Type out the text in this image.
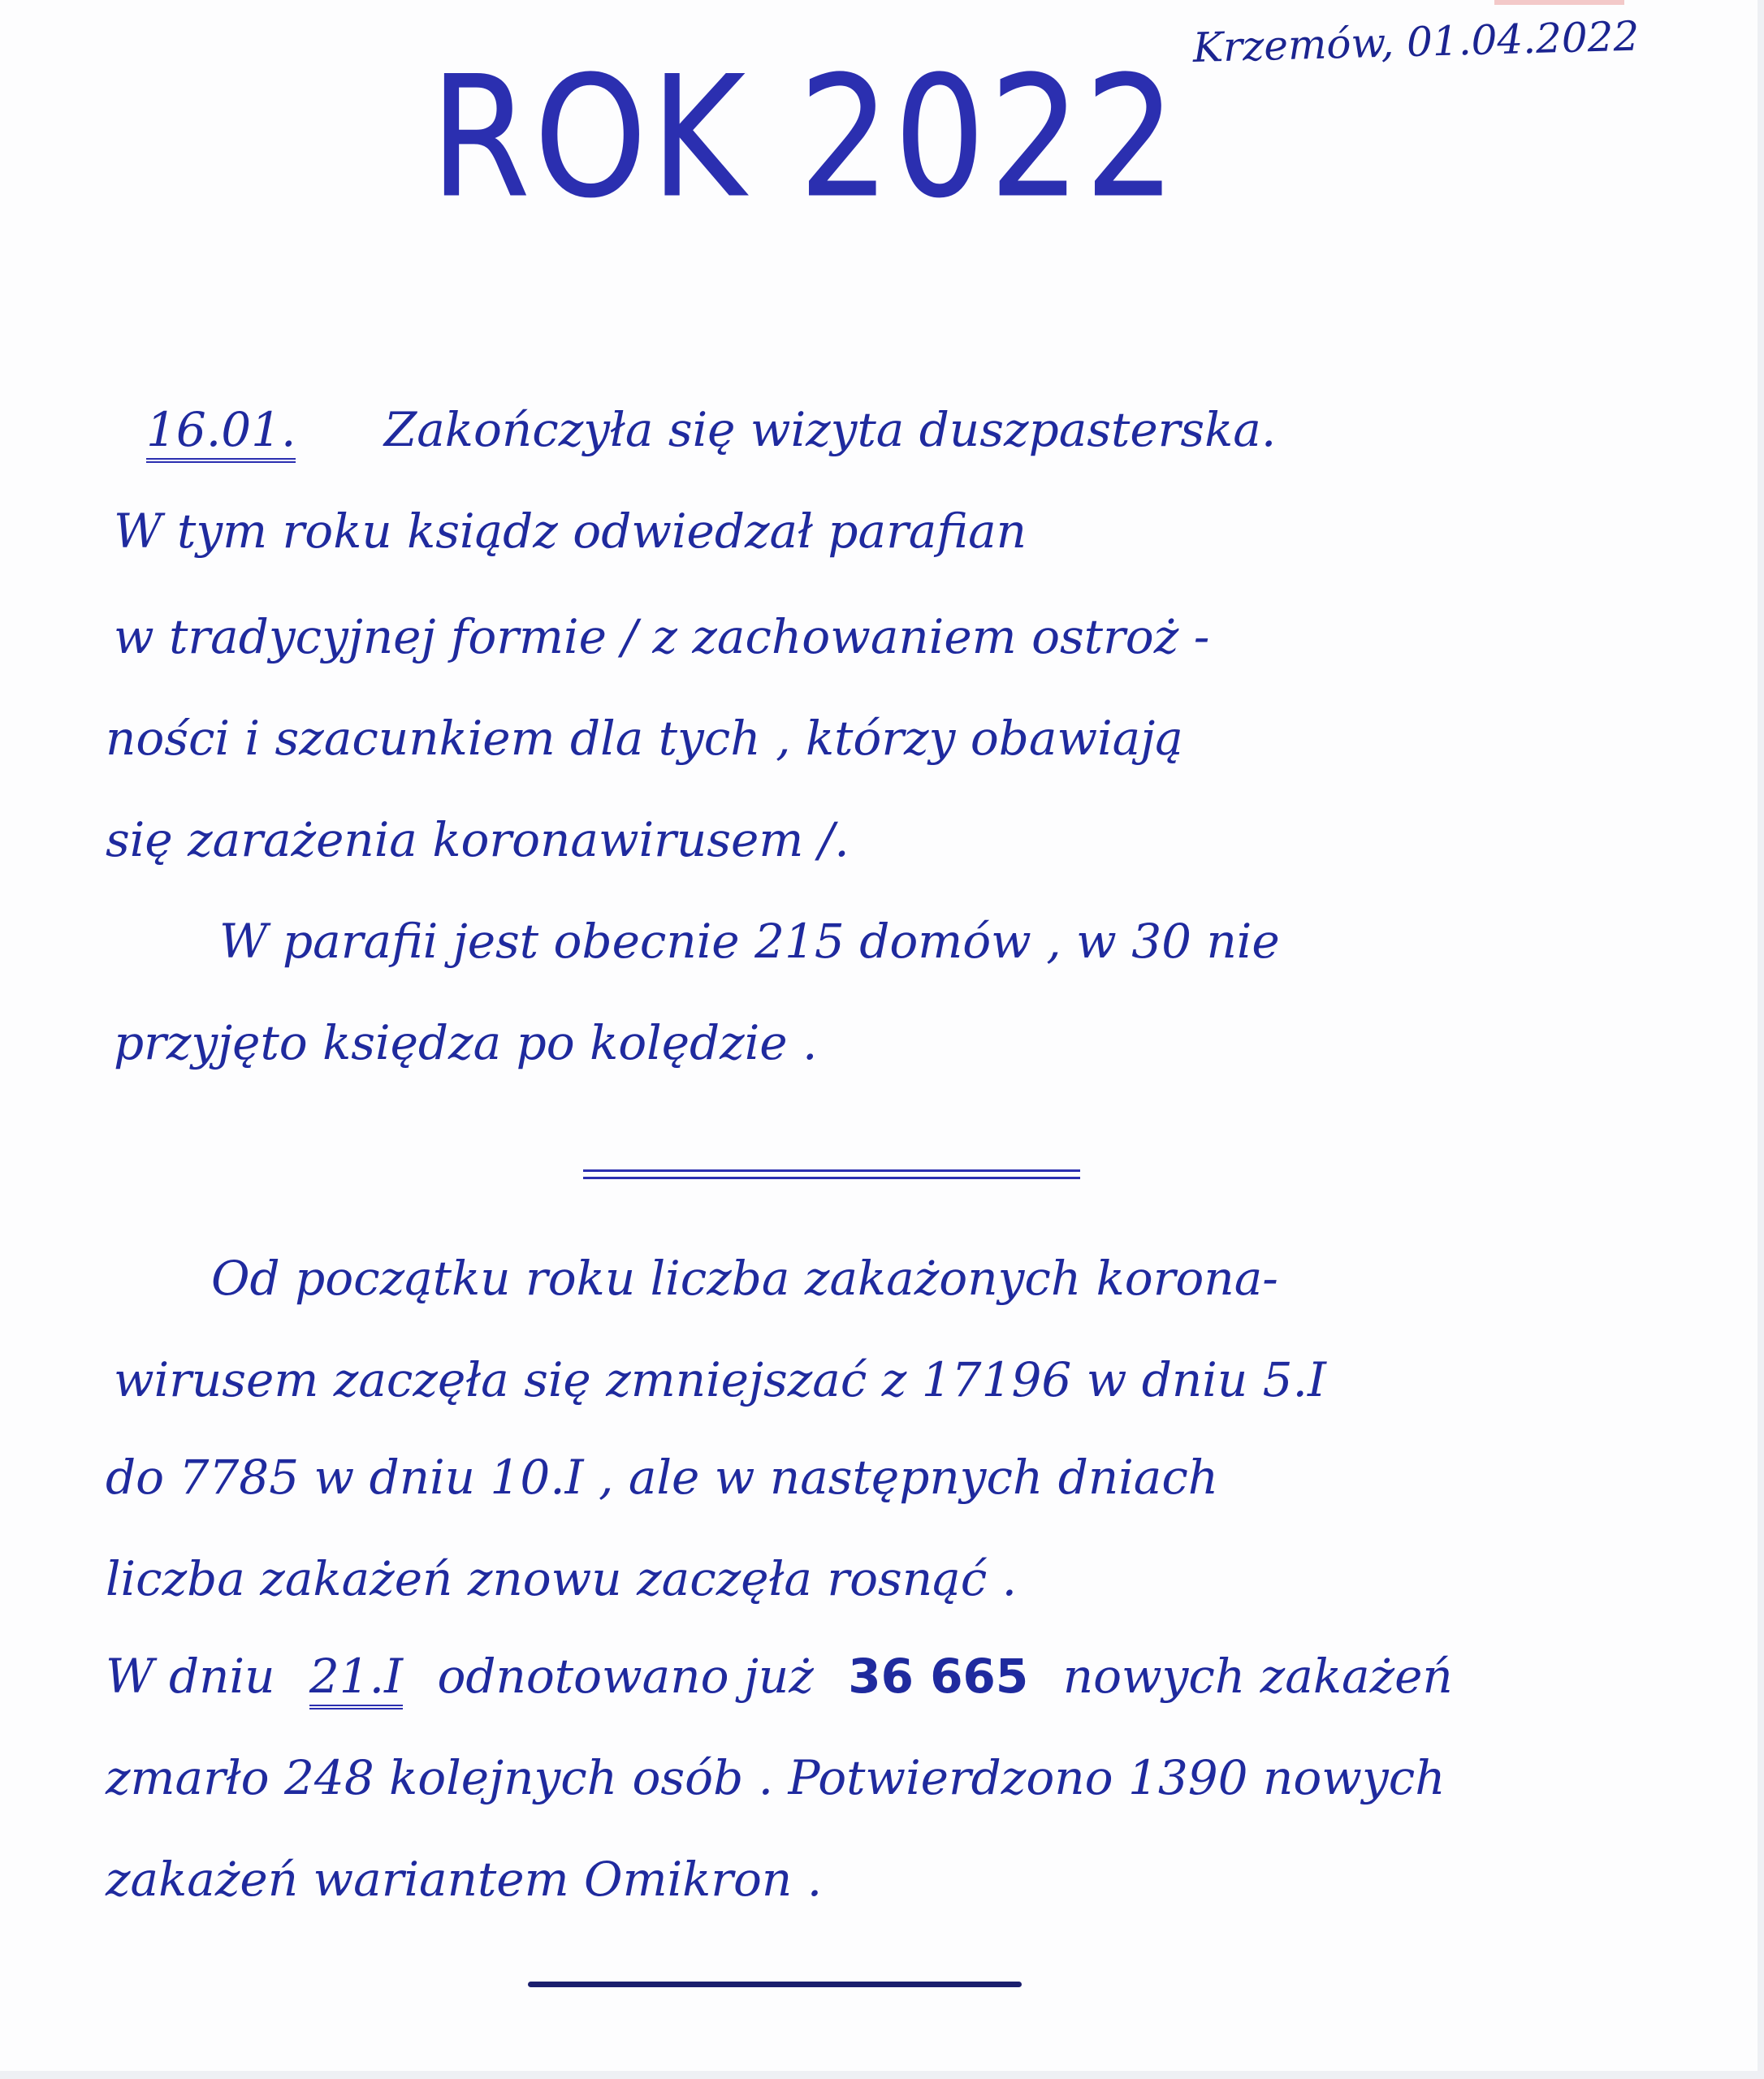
ROK 2022 Krzemów, 01.04.2022
16.01. Zakończyła się wizyta duszpasterska.
W tym roku ksiądz odwiedzał parafian
w tradycyjnej formie / z zachowaniem ostroż -
ności i szacunkiem dla tych , którzy obawiają
się zarażenia koronawirusem /.
W parafii jest obecnie 215 domów , w 30 nie
przyjęto księdza po kolędzie .
Od początku roku liczba zakażonych korona-
wirusem zaczęła się zmniejszać z 17196 w dniu 5.I
do 7785 w dniu 10.I , ale w następnych dniach
liczba zakażeń znowu zaczęła rosnąć .
W dniu 21.I odnotowano już 36 665 nowych zakażeń
zmarło 248 kolejnych osób . Potwierdzono 1390 nowych
zakażeń wariantem Omikron .
